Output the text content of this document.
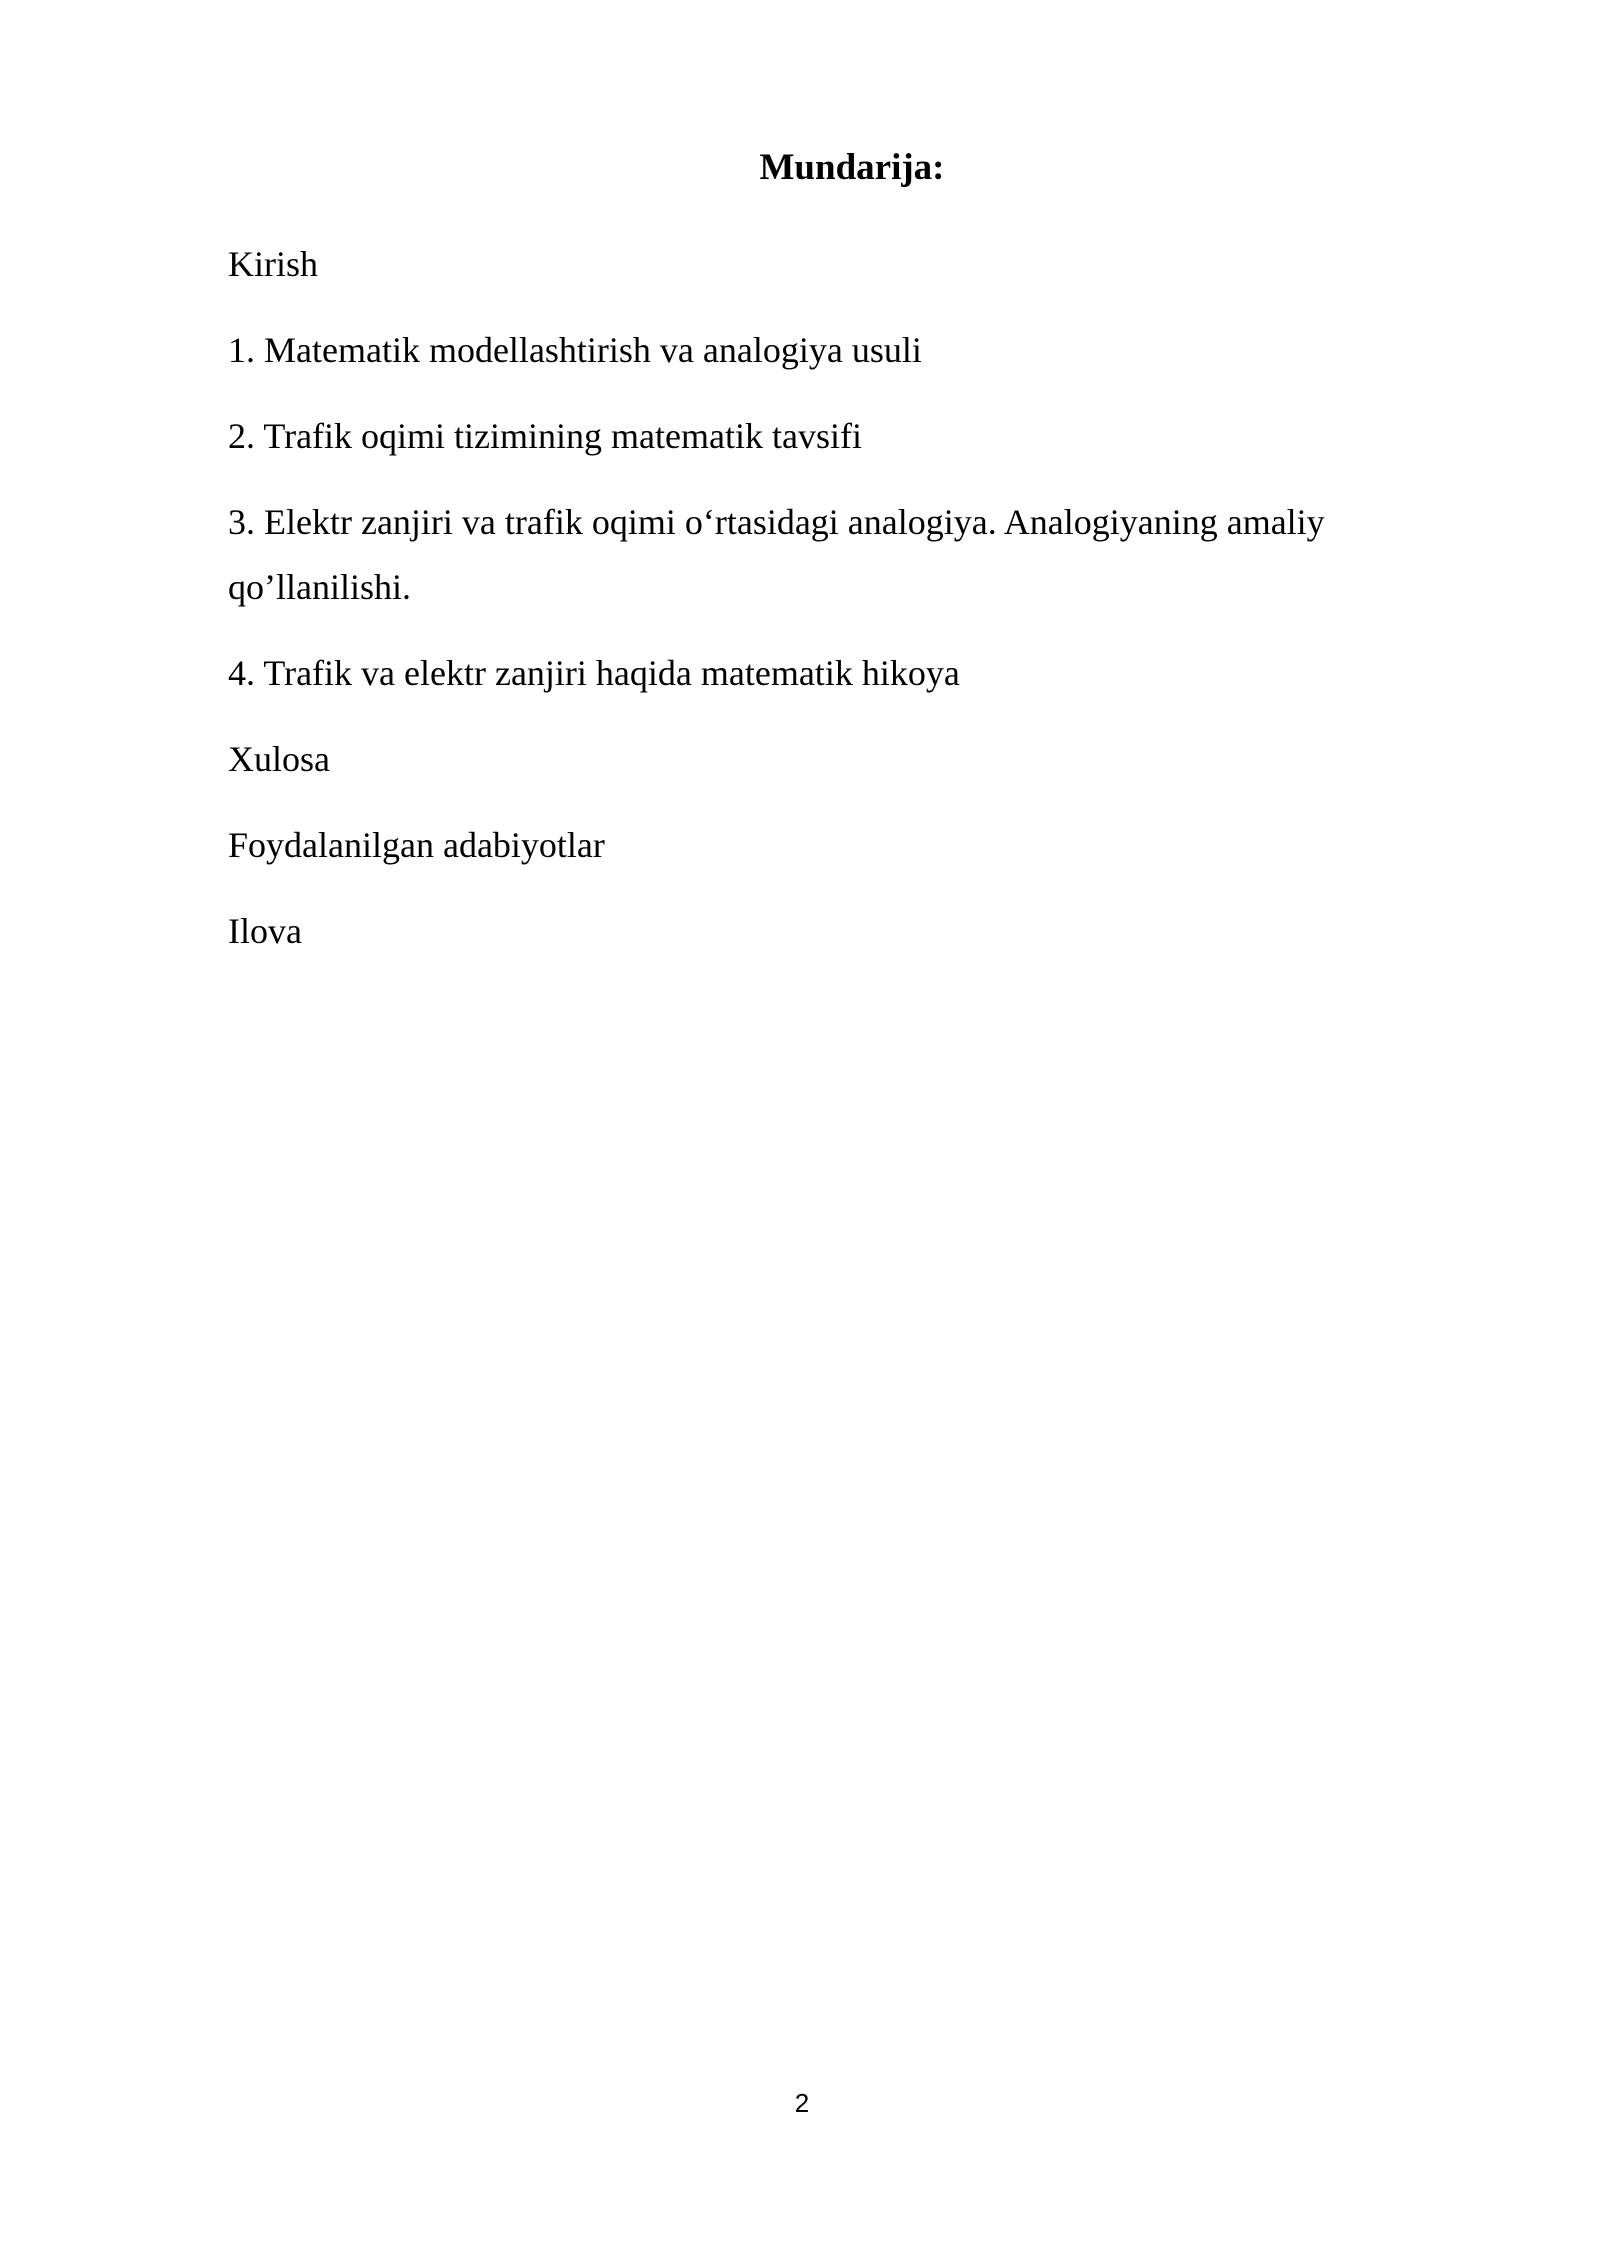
Mundarija:
Kirish
1. Matematik modellashtirish va analogiya usuli
2. Trafik oqimi tizimining matematik tavsifi
3. Elektr zanjiri va trafik oqimi o‘rtasidagi analogiya. Analogiyaning amaliy qo’llanilishi.
4. Trafik va elektr zanjiri haqida matematik hikoya
Xulosa
Foydalanilgan adabiyotlar
Ilova
2
